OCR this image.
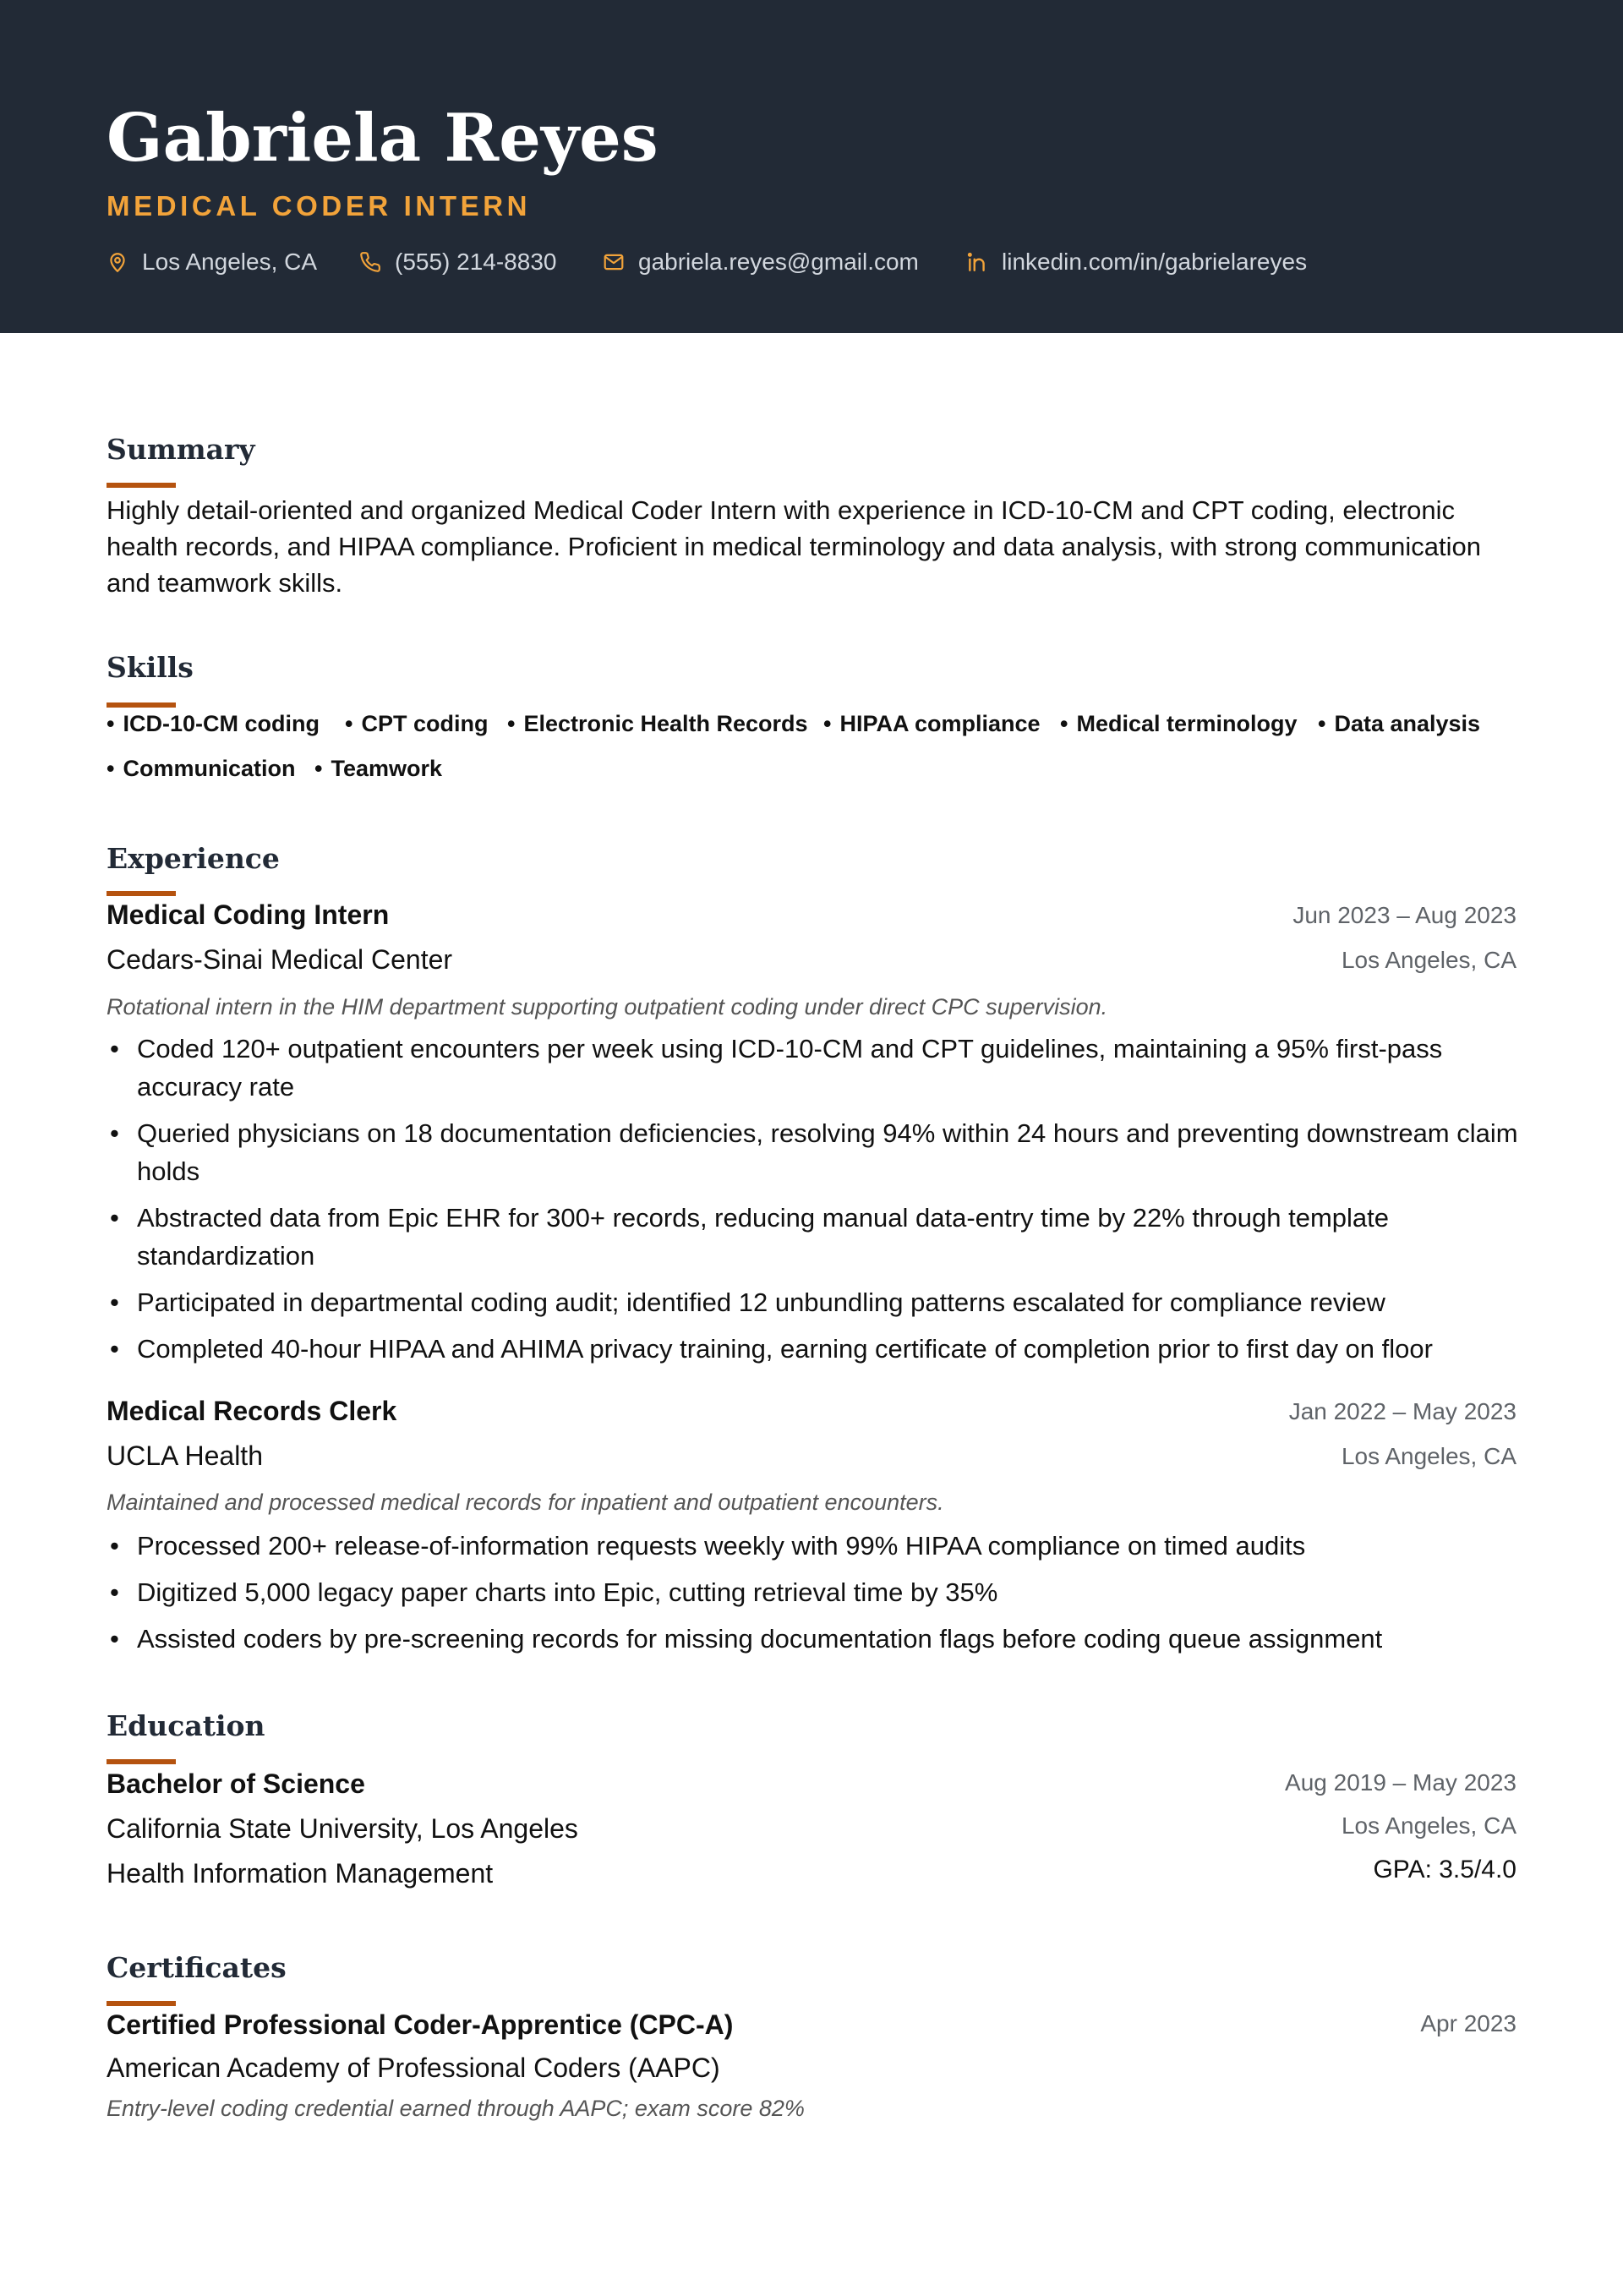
Gabriela Reyes
MEDICAL CODER INTERN
Los Angeles, CA	(555) 214-8830	gabriela.reyes@gmail.com	linkedin.com/in/gabrielareyes
Summary

Highly detail-oriented and organized Medical Coder Intern with experience in ICD-10-CM and CPT coding, electronic health records, and HIPAA compliance. Proficient in medical terminology and data analysis, with strong communication and teamwork skills.

Skills
• ICD-10-CM coding	• CPT coding	• Electronic Health Records	• HIPAA compliance	• Medical terminology	• Data analysis
• Communication	• Teamwork
Experience
Medical Coding Intern	Jun 2023 – Aug 2023
Cedars-Sinai Medical Center	Los Angeles, CA
Rotational intern in the HIM department supporting outpatient coding under direct CPC supervision.
• Coded 120+ outpatient encounters per week using ICD-10-CM and CPT guidelines, maintaining a 95% first-pass accuracy rate
• Queried physicians on 18 documentation deficiencies, resolving 94% within 24 hours and preventing downstream claim holds
• Abstracted data from Epic EHR for 300+ records, reducing manual data-entry time by 22% through template standardization
• Participated in departmental coding audit; identified 12 unbundling patterns escalated for compliance review
• Completed 40-hour HIPAA and AHIMA privacy training, earning certificate of completion prior to first day on floor
Medical Records Clerk	Jan 2022 – May 2023
UCLA Health	Los Angeles, CA
Maintained and processed medical records for inpatient and outpatient encounters.
• Processed 200+ release-of-information requests weekly with 99% HIPAA compliance on timed audits
• Digitized 5,000 legacy paper charts into Epic, cutting retrieval time by 35%
• Assisted coders by pre-screening records for missing documentation flags before coding queue assignment
Education
Bachelor of Science	Aug 2019 – May 2023
California State University, Los Angeles	Los Angeles, CA
Health Information Management	GPA: 3.5/4.0
Certificates
Certified Professional Coder-Apprentice (CPC-A)	Apr 2023
American Academy of Professional Coders (AAPC)
Entry-level coding credential earned through AAPC; exam score 82%
